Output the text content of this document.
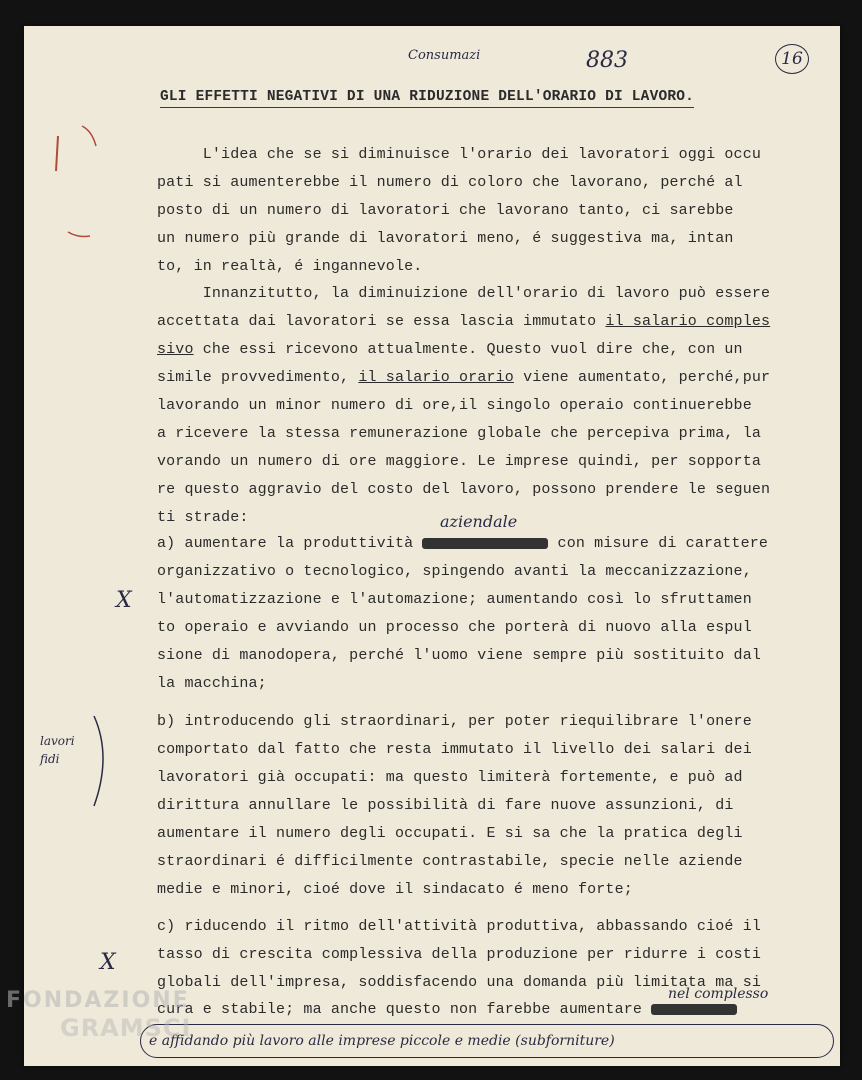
Consumazi	883	16
GLI EFFETTI NEGATIVI DI UNA RIDUZIONE DELL'ORARIO DI LAVORO.
X
lavori
fidi
X
L'idea che se si diminuisce l'orario dei lavoratori oggi occu
pati si aumenterebbe il numero di coloro che lavorano, perché al
posto di un numero di lavoratori che lavorano tanto, ci sarebbe
un numero più grande di lavoratori meno, é suggestiva ma, intan
to, in realtà, é ingannevole.
Innanzitutto, la diminuizione dell'orario di lavoro può essere
accettata dai lavoratori se essa lascia immutato il salario comples
sivo che essi ricevono attualmente. Questo vuol dire che, con un
simile provvedimento, il salario orario viene aumentato, perché,pur
lavorando un minor numero di ore,il singolo operaio continuerebbe
a ricevere la stessa remunerazione globale che percepiva prima, la
vorando un numero di ore maggiore. Le imprese quindi, per sopporta
re questo aggravio del costo del lavoro, possono prendere le seguen
ti strade:	aziendale
a) aumentare la produttività	con misure di carattere
organizzativo o tecnologico, spingendo avanti la meccanizzazione,
l'automatizzazione e l'automazione; aumentando così lo sfruttamen
to operaio e avviando un processo che porterà di nuovo alla espul
sione di manodopera, perché l'uomo viene sempre più sostituito dal
la macchina;
b) introducendo gli straordinari, per poter riequilibrare l'onere
comportato dal fatto che resta immutato il livello dei salari dei
lavoratori già occupati: ma questo limiterà fortemente, e può ad
dirittura annullare le possibilità di fare nuove assunzioni, di
aumentare il numero degli occupati. E si sa che la pratica degli
straordinari é difficilmente contrastabile, specie nelle aziende
medie e minori, cioé dove il sindacato é meno forte;
c) riducendo il ritmo dell'attività produttiva, abbassando cioé il
tasso di crescita complessiva della produzione per ridurre i costi
globali dell'impresa, soddisfacendo una domanda più limitata ma si
nel complesso
cura e stabile; ma anche questo non farebbe aumentare
e affidando più lavoro alle imprese piccole e medie (subforniture)
FONDAZIONE
GRAMSCI
